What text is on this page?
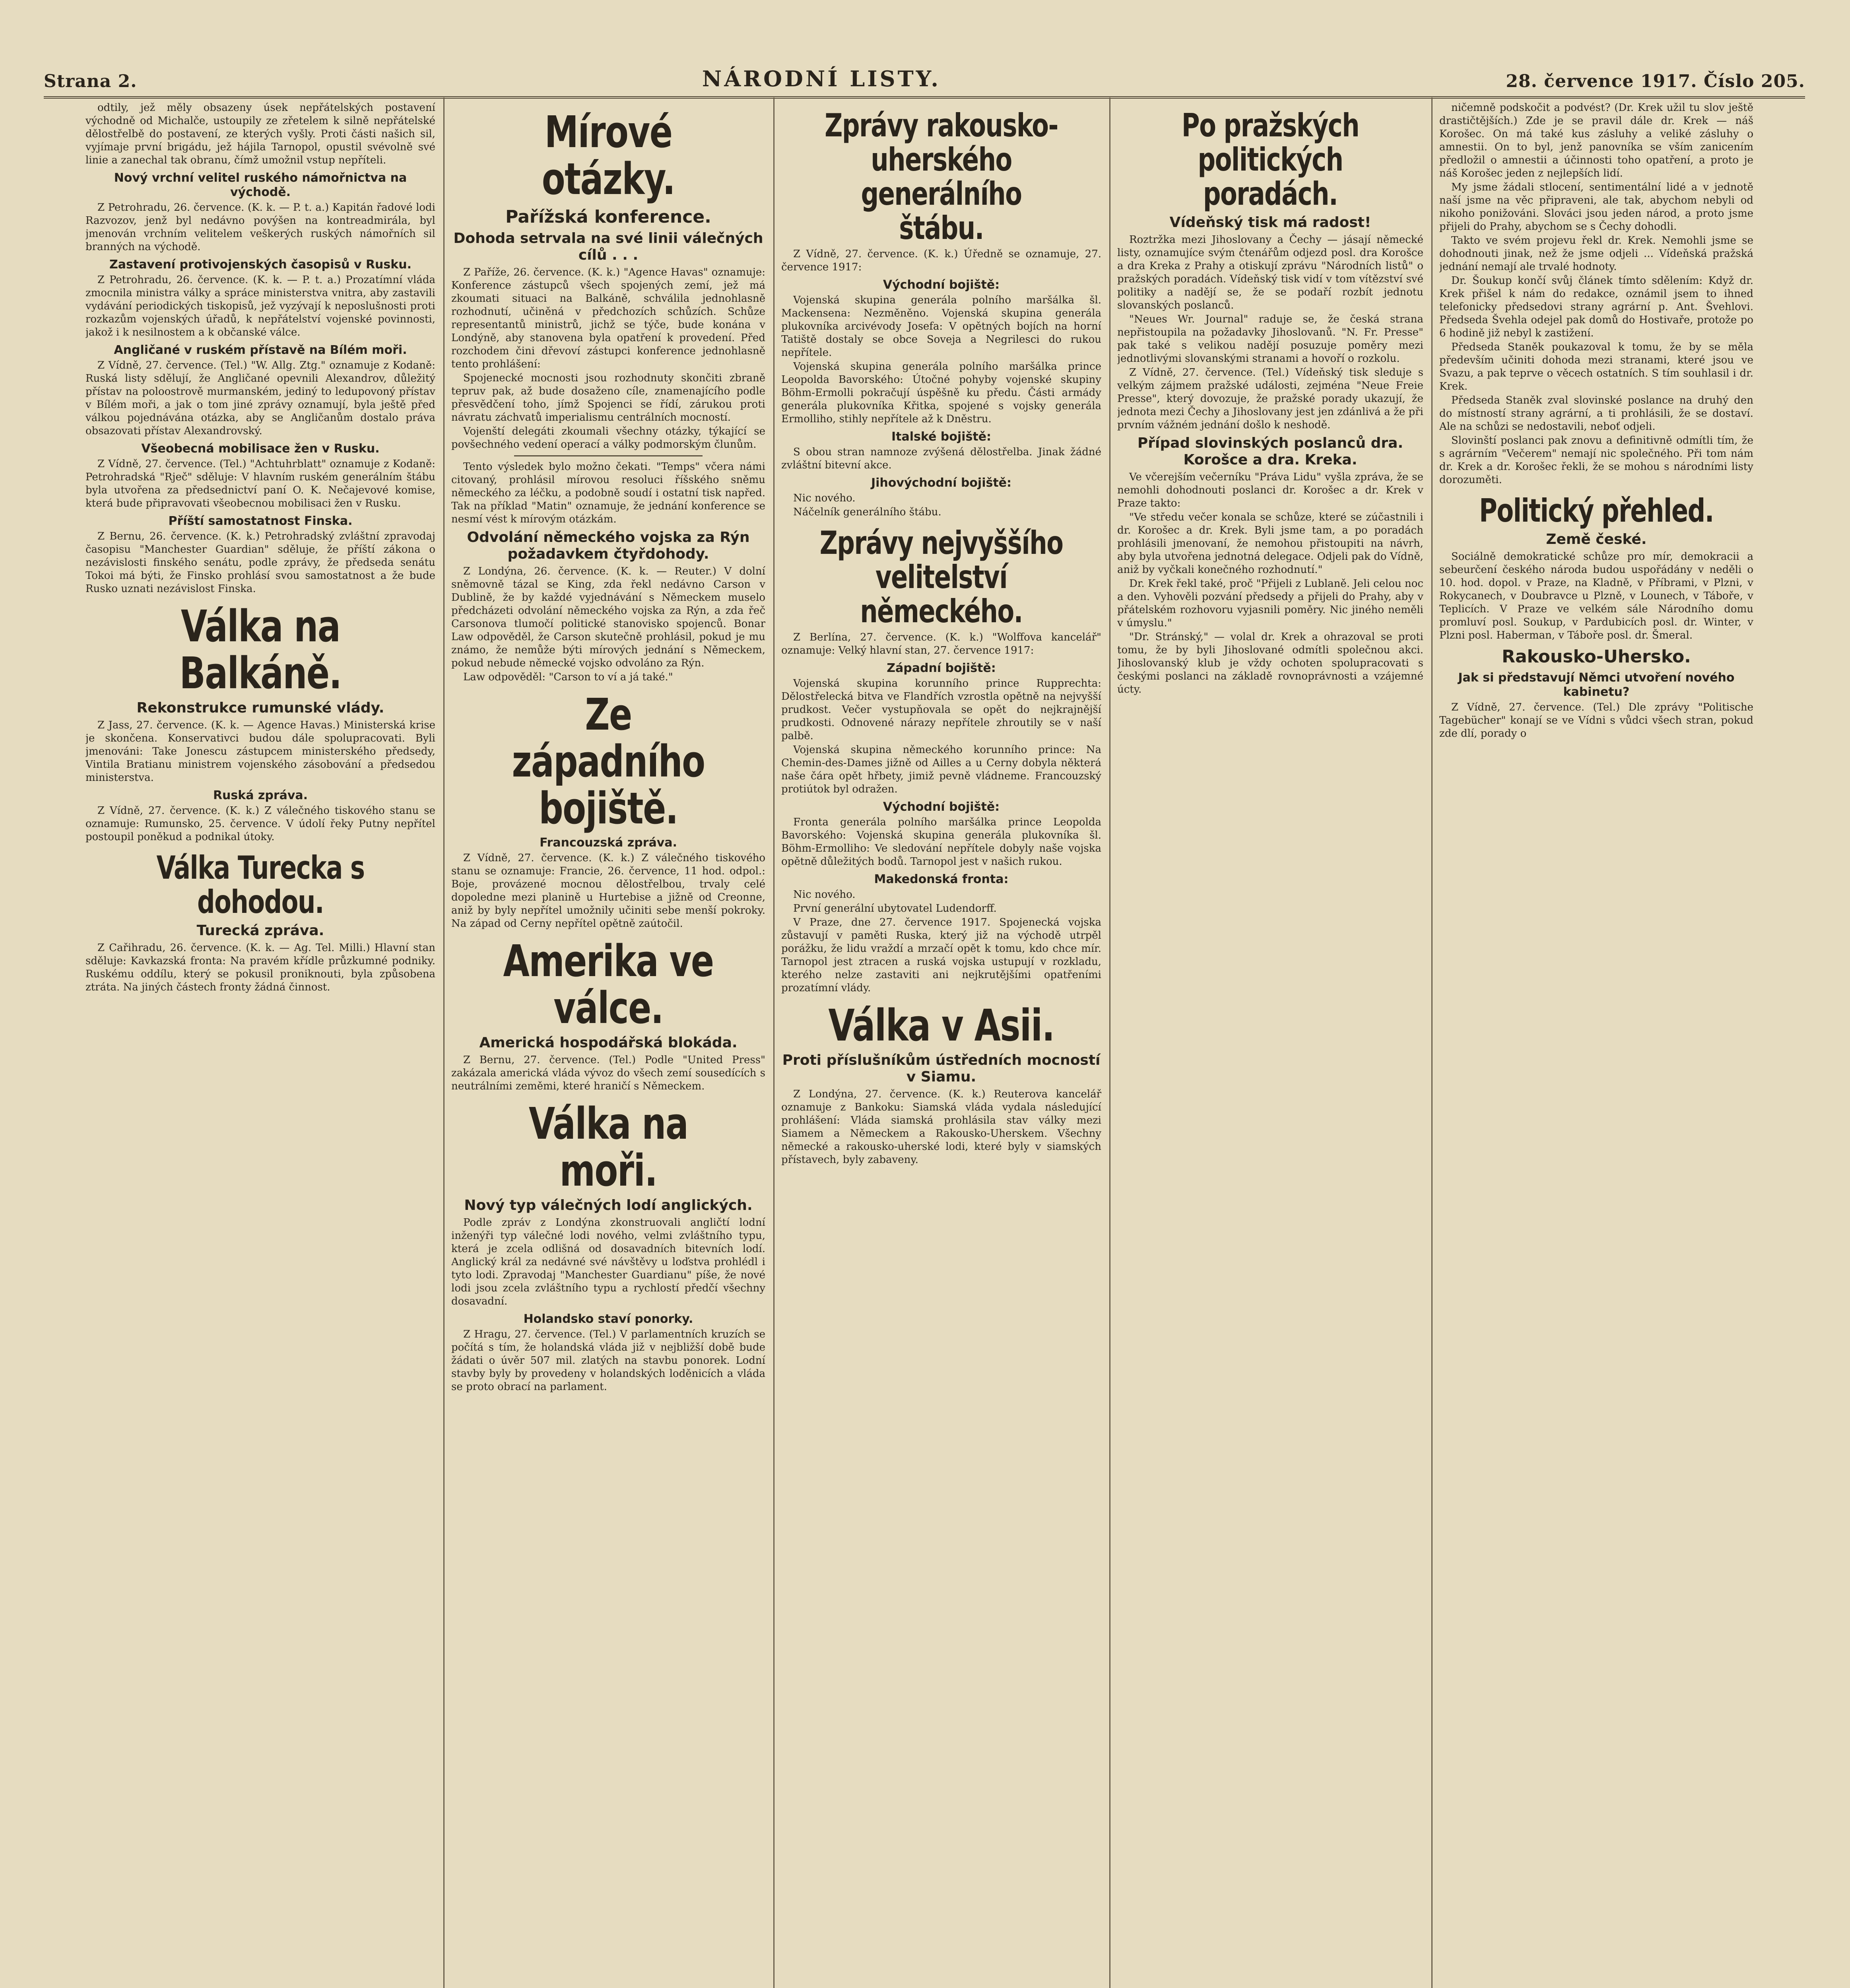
Strana 2.	NÁRODNÍ LISTY.	28. července 1917. Číslo 205.

odtily, jež měly obsazeny úsek nepřátelských postavení východně od Michalče, ustoupily ze zřetelem k silně nepřátelské dělostřelbě do postavení, ze kterých vyšly. Proti části našich sil, vyjímaje první brigádu, jež hájila Tarnopol, opustil svévolně své linie a zanechal tak obranu, čímž umožnil vstup nepříteli.

Nový vrchní velitel ruského námořnictva na východě.

Z Petrohradu, 26. července. (K. k. — P. t. a.) Kapitán řadové lodi Razvozov, jenž byl nedávno povýšen na kontreadmirála, byl jmenován vrchním velitelem veškerých ruských námořních sil branných na východě.

Zastavení protivojenských časopisů v Rusku.

Z Petrohradu, 26. července. (K. k. — P. t. a.) Prozatímní vláda zmocnila ministra války a spráce ministerstva vnitra, aby zastavili vydávání periodických tiskopisů, jež vyzývají k neposlušnosti proti rozkazům vojenských úřadů, k nepřátelství vojenské povinnosti, jakož i k nesilnostem a k občanské válce.

Angličané v ruském přístavě na Bílém moři.

Z Vídně, 27. července. (Tel.) "W. Allg. Ztg." oznamuje z Kodaně: Ruská listy sdělují, že Angličané opevnili Alexandrov, důležitý přístav na poloostrově murmanském, jediný to ledupovoný přístav v Bílém moři, a jak o tom jiné zprávy oznamují, byla ještě před válkou pojednávána otázka, aby se Angličanům dostalo práva obsazovati přístav Alexandrovský.

Všeobecná mobilisace žen v Rusku.

Z Vídně, 27. července. (Tel.) "Achtuhrblatt" oznamuje z Kodaně: Petrohradská "Rječ" sděluje: V hlavním ruském generálním štábu byla utvořena za předsednictví paní O. K. Nečajevové komise, která bude připravovati všeobecnou mobilisaci žen v Rusku.

Příští samostatnost Finska.

Z Bernu, 26. července. (K. k.) Petrohradský zvláštní zpravodaj časopisu "Manchester Guardian" sděluje, že příští zákona o nezávislosti finského senátu, podle zprávy, že předseda senátu Tokoi má býti, že Finsko prohlásí svou samostatnost a že bude Rusko uznati nezávislost Finska.

Válka na Balkáně.
Rekonstrukce rumunské vlády.

Z Jass, 27. července. (K. k. — Agence Havas.) Ministerská krise je skončena. Konservativci budou dále spolupracovati. Byli jmenováni: Take Jonescu zástupcem ministerského předsedy, Vintila Bratianu ministrem vojenského zásobování a předsedou ministerstva.

Ruská zpráva.

Z Vídně, 27. července. (K. k.) Z válečného tiskového stanu se oznamuje: Rumunsko, 25. července. V údolí řeky Putny nepřítel postoupil poněkud a podnikal útoky.

Válka Turecka s dohodou.
Turecká zpráva.

Z Cařihradu, 26. července. (K. k. — Ag. Tel. Milli.) Hlavní stan sděluje: Kavkazská fronta: Na pravém křídle průzkumné podniky. Ruskému oddílu, který se pokusil proniknouti, byla způsobena ztráta. Na jiných částech fronty žádná činnost.

Mírové otázky.
Pařížská konference.
Dohoda setrvala na své linii válečných cílů . . .

Z Paříže, 26. července. (K. k.) "Agence Havas" oznamuje: Konference zástupců všech spojených zemí, jež má zkoumati situaci na Balkáně, schválila jednohlasně rozhodnutí, učiněná v předchozích schůzích. Schůze representantů ministrů, jichž se týče, bude konána v Londýně, aby stanovena byla opatření k provedení. Před rozchodem čini dřevoví zástupci konference jednohlasně tento prohlášení:

Spojenecké mocnosti jsou rozhodnuty skončiti zbraně tepruv pak, až bude dosaženo cíle, znamenajícího podle přesvědčení toho, jímž Spojenci se řídí, zárukou proti návratu záchvatů imperialismu centrálních mocností.

Vojenští delegáti zkoumali všechny otázky, týkající se povšechného vedení operací a války podmorským člunům.

Tento výsledek bylo možno čekati. "Temps" včera námi citovaný, prohlásil mírovou resoluci říšského sněmu německého za léčku, a podobně soudí i ostatní tisk napřed. Tak na příklad "Matin" oznamuje, že jednání konference se nesmí vést k mírovým otázkám.

Odvolání německého vojska za Rýn požadavkem čtyřdohody.

Z Londýna, 26. července. (K. k. — Reuter.) V dolní sněmovně tázal se King, zda řekl nedávno Carson v Dublině, že by každé vyjednávání s Německem muselo předcházeti odvolání německého vojska za Rýn, a zda řeč Carsonova tlumočí politické stanovisko spojenců. Bonar Law odpověděl, že Carson skutečně prohlásil, pokud je mu známo, že nemůže býti mírových jednání s Německem, pokud nebude německé vojsko odvoláno za Rýn.

Law odpověděl: "Carson to ví a já také."

Ze západního bojiště.
Francouzská zpráva.

Z Vídně, 27. července. (K. k.) Z válečného tiskového stanu se oznamuje: Francie, 26. července, 11 hod. odpol.: Boje, provázené mocnou dělostřelbou, trvaly celé dopoledne mezi planině u Hurtebise a jižně od Creonne, aniž by byly nepřítel umožnily učiniti sebe menší pokroky. Na západ od Cerny nepřítel opětně zaútočil.

Amerika ve válce.
Americká hospodářská blokáda.

Z Bernu, 27. července. (Tel.) Podle "United Press" zakázala americká vláda vývoz do všech zemí sousedících s neutrálními zeměmi, které hraničí s Německem.

Válka na moři.
Nový typ válečných lodí anglických.

Podle zpráv z Londýna zkonstruovali angličtí lodní inženýři typ válečné lodi nového, velmi zvláštního typu, která je zcela odlišná od dosavadních bitevních lodí. Anglický král za nedávné své návštěvy u loďstva prohlédl i tyto lodi. Zpravodaj "Manchester Guardianu" píše, že nové lodi jsou zcela zvláštního typu a rychlostí předčí všechny dosavadní.

Holandsko staví ponorky.

Z Hragu, 27. července. (Tel.) V parlamentních kruzích se počítá s tím, že holandská vláda již v nejbližší době bude žádati o úvěr 507 mil. zlatých na stavbu ponorek. Lodní stavby byly by provedeny v holandských loděnicích a vláda se proto obrací na parlament.

Zprávy rakousko-uherského generálního štábu.

Z Vídně, 27. července. (K. k.) Úředně se oznamuje, 27. července 1917:

Východní bojiště:

Vojenská skupina generála polního maršálka šl. Mackensena: Nezměněno. Vojenská skupina generála plukovníka arcivévody Josefa: V opětných bojích na horní Tatiště dostaly se obce Soveja a Negrilesci do rukou nepřítele.

Vojenská skupina generála polního maršálka prince Leopolda Bavorského: Útočné pohyby vojenské skupiny Böhm-Ermolli pokračují úspěšně ku předu. Části armády generála plukovníka Křitka, spojené s vojsky generála Ermolliho, stihly nepřítele až k Dněstru.

Italské bojiště:

S obou stran namnoze zvýšená dělostřelba. Jinak žádné zvláštní bitevní akce.

Jihovýchodní bojiště:

Nic nového.

Náčelník generálního štábu.

Zprávy nejvyššího velitelství německého.

Z Berlína, 27. července. (K. k.) "Wolffova kancelář" oznamuje: Velký hlavní stan, 27. července 1917:

Západní bojiště:

Vojenská skupina korunního prince Rupprechta: Dělostřelecká bitva ve Flandřích vzrostla opětně na nejvyšší prudkost. Večer vystupňovala se opět do nejkrajnější prudkosti. Odnovené nárazy nepřítele zhroutily se v naší palbě.

Vojenská skupina německého korunního prince: Na Chemin-des-Dames jižně od Ailles a u Cerny dobyla některá naše čára opět hřbety, jimiž pevně vládneme. Francouzský protiútok byl odražen.

Východní bojiště:

Fronta generála polního maršálka prince Leopolda Bavorského: Vojenská skupina generála plukovníka šl. Böhm-Ermolliho: Ve sledování nepřítele dobyly naše vojska opětně důležitých bodů. Tarnopol jest v našich rukou.

Makedonská fronta:

Nic nového.

První generální ubytovatel Ludendorff.

V Praze, dne 27. července 1917. Spojenecká vojska zůstavují v paměti Ruska, který již na východě utrpěl porážku, že lidu vraždí a mrzačí opět k tomu, kdo chce mír. Tarnopol jest ztracen a ruská vojska ustupují v rozkladu, kterého nelze zastaviti ani nejkrutějšími opatřeními prozatímní vlády.

Válka v Asii.
Proti příslušníkům ústředních mocností v Siamu.

Z Londýna, 27. července. (K. k.) Reuterova kancelář oznamuje z Bankoku: Siamská vláda vydala následující prohlášení: Vláda siamská prohlásila stav války mezi Siamem a Německem a Rakousko-Uherskem. Všechny německé a rakousko-uherské lodi, které byly v siamských přístavech, byly zabaveny.

Po pražských politických poradách.
Vídeňský tisk má radost!

Roztržka mezi Jihoslovany a Čechy — jásají německé listy, oznamujíce svým čtenářům odjezd posl. dra Korošce a dra Kreka z Prahy a otiskují zprávu "Národních listů" o pražských poradách. Vídeňský tisk vidí v tom vítězství své politiky a nadějí se, že se podaří rozbít jednotu slovanských poslanců.

"Neues Wr. Journal" raduje se, že česká strana nepřistoupila na požadavky Jihoslovanů. "N. Fr. Presse" pak také s velikou nadějí posuzuje poměry mezi jednotlivými slovanskými stranami a hovoří o rozkolu.

Z Vídně, 27. července. (Tel.) Vídeňský tisk sleduje s velkým zájmem pražské události, zejména "Neue Freie Presse", který dovozuje, že pražské porady ukazují, že jednota mezi Čechy a Jihoslovany jest jen zdánlivá a že při prvním vážném jednání došlo k neshodě.

Případ slovinských poslanců dra. Korošce a dra. Kreka.

Ve včerejším večerníku "Práva Lidu" vyšla zpráva, že se nemohli dohodnouti poslanci dr. Korošec a dr. Krek v Praze takto:

"Ve středu večer konala se schůze, které se zúčastnili i dr. Korošec a dr. Krek. Byli jsme tam, a po poradách prohlásili jmenovaní, že nemohou přistoupiti na návrh, aby byla utvořena jednotná delegace. Odjeli pak do Vídně, aniž by vyčkali konečného rozhodnutí."

Dr. Krek řekl také, proč "Přijeli z Lublaně. Jeli celou noc a den. Vyhověli pozvání předsedy a přijeli do Prahy, aby v přátelském rozhovoru vyjasnili poměry. Nic jiného neměli v úmyslu."

"Dr. Stránský," — volal dr. Krek a ohrazoval se proti tomu, že by byli Jihoslované odmítli společnou akci. Jihoslovanský klub je vždy ochoten spolupracovati s českými poslanci na základě rovnoprávnosti a vzájemné úcty.

ničemně podskočit a podvést? (Dr. Krek užil tu slov ještě drastičtějších.) Zde je se pravil dále dr. Krek — náš Korošec. On má také kus zásluhy a veliké zásluhy o amnestii. On to byl, jenž panovníka se vším zanicením předložil o amnestii a účinnosti toho opatření, a proto je náš Korošec jeden z nejlepších lidí.

My jsme žádali stlocení, sentimentální lidé a v jednotě naší jsme na věc připraveni, ale tak, abychom nebyli od nikoho ponižováni. Slováci jsou jeden národ, a proto jsme přijeli do Prahy, abychom se s Čechy dohodli.

Takto ve svém projevu řekl dr. Krek. Nemohli jsme se dohodnouti jinak, než že jsme odjeli ... Vídeňská pražská jednání nemají ale trvalé hodnoty.

Dr. Šoukup končí svůj článek tímto sdělením: Když dr. Krek přišel k nám do redakce, oznámil jsem to ihned telefonicky předsedovi strany agrární p. Ant. Švehlovi. Předseda Švehla odejel pak domů do Hostivaře, protože po 6 hodině již nebyl k zastižení.

Předseda Staněk poukazoval k tomu, že by se měla především učiniti dohoda mezi stranami, které jsou ve Svazu, a pak teprve o věcech ostatních. S tím souhlasil i dr. Krek.

Předseda Staněk zval slovinské poslance na druhý den do místností strany agrární, a ti prohlásili, že se dostaví. Ale na schůzi se nedostavili, neboť odjeli.

Slovinští poslanci pak znovu a definitivně odmítli tím, že s agrárním "Večerem" nemají nic společného. Při tom nám dr. Krek a dr. Korošec řekli, že se mohou s národními listy dorozuměti.

Politický přehled.
Země české.

Sociálně demokratické schůze pro mír, demokracii a sebeurčení českého národa budou uspořádány v neděli o 10. hod. dopol. v Praze, na Kladně, v Příbrami, v Plzni, v Rokycanech, v Doubravce u Plzně, v Lounech, v Táboře, v Teplicích. V Praze ve velkém sále Národního domu promluví posl. Soukup, v Pardubicích posl. dr. Winter, v Plzni posl. Haberman, v Táboře posl. dr. Šmeral.

Rakousko-Uhersko.
Jak si představují Němci utvoření nového kabinetu?

Z Vídně, 27. července. (Tel.) Dle zprávy "Politische Tagebücher" konají se ve Vídni s vůdci všech stran, pokud zde dlí, porady o
